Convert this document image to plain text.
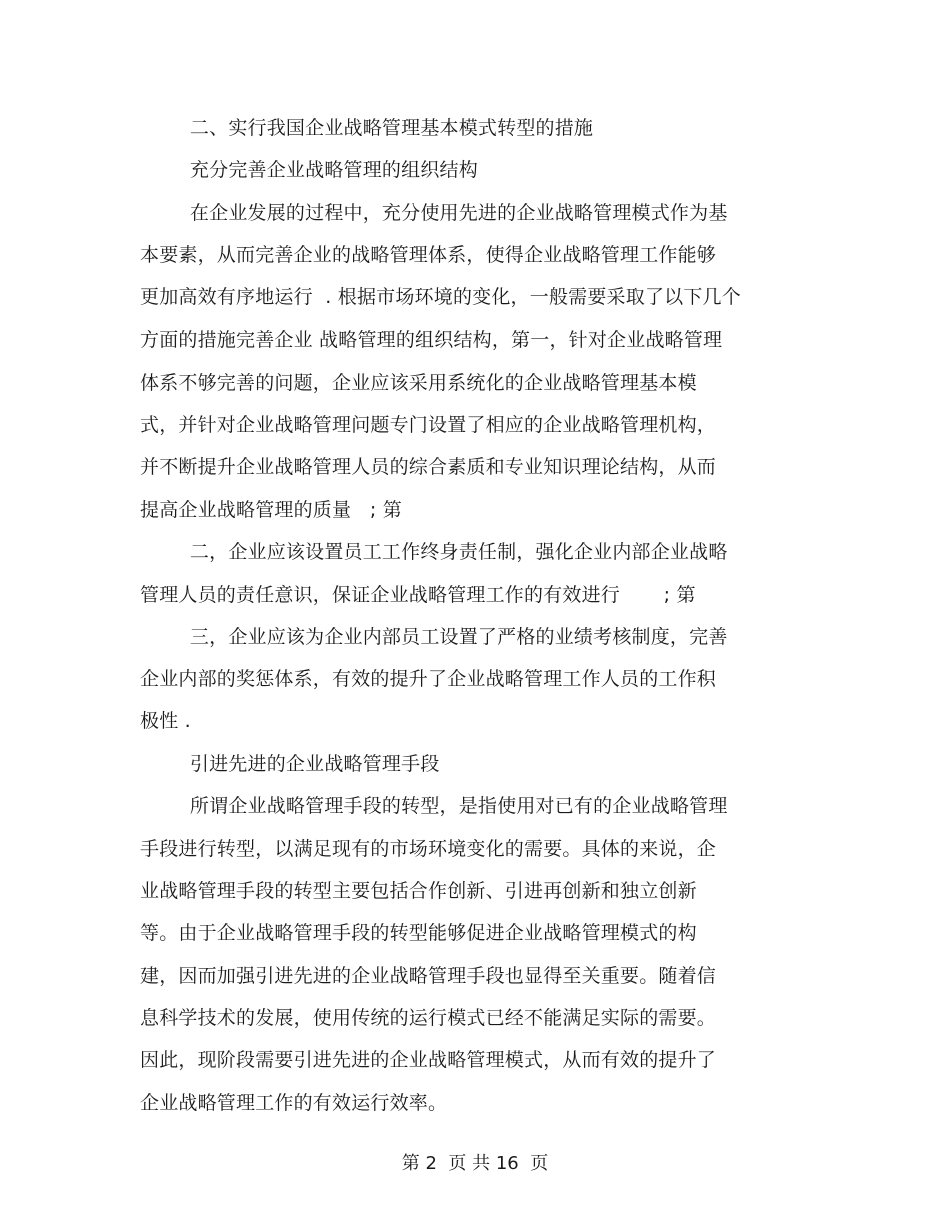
二、实行我国企业战略管理基本模式转型的措施
充分完善企业战略管理的组织结构
在企业发展的过程中，充分使用先进的企业战略管理模式作为基
本要素，从而完善企业的战略管理体系，使得企业战略管理工作能够
更加高效有序地运行  . 根据市场环境的变化，一般需要采取了以下几个
方面的措施完善企业 战略管理的组织结构，第一，针对企业战略管理
体系不够完善的问题，企业应该采用系统化的企业战略管理基本模
式，并针对企业战略管理问题专门设置了相应的企业战略管理机构，
并不断提升企业战略管理人员的综合素质和专业知识理论结构，从而
提高企业战略管理的质量   ; 第
二，企业应该设置员工工作终身责任制，强化企业内部企业战略
管理人员的责任意识，保证企业战略管理工作的有效进行       ; 第
三，企业应该为企业内部员工设置了严格的业绩考核制度，完善
企业内部的奖惩体系，有效的提升了企业战略管理工作人员的工作积
极性 .
引进先进的企业战略管理手段
所谓企业战略管理手段的转型，是指使用对已有的企业战略管理
手段进行转型，以满足现有的市场环境变化的需要。具体的来说，企
业战略管理手段的转型主要包括合作创新、引进再创新和独立创新
等。由于企业战略管理手段的转型能够促进企业战略管理模式的构
建，因而加强引进先进的企业战略管理手段也显得至关重要。随着信
息科学技术的发展，使用传统的运行模式已经不能满足实际的需要。
因此，现阶段需要引进先进的企业战略管理模式，从而有效的提升了
企业战略管理工作的有效运行效率。
第 2  页 共 16  页
